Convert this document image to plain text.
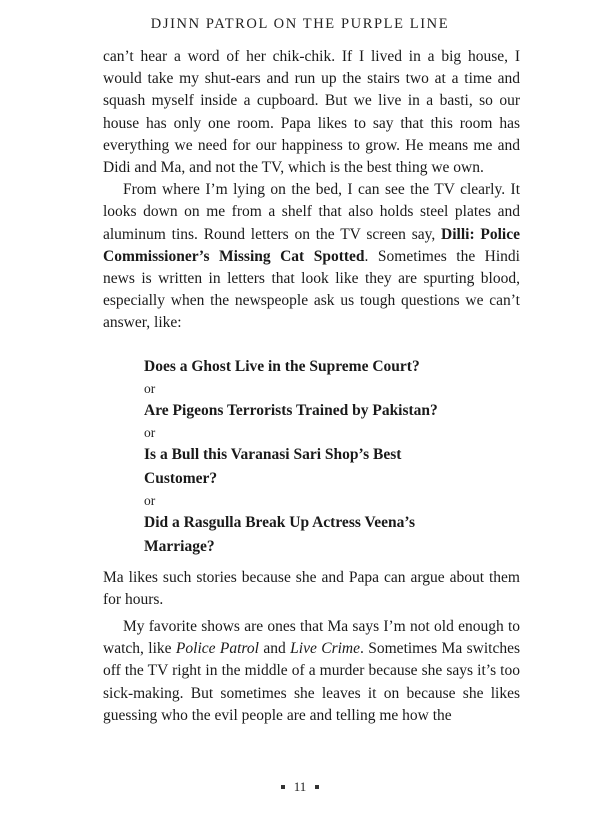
DJINN PATROL ON THE PURPLE LINE

can’t hear a word of her chik-chik. If I lived in a big house, I would take my shut-ears and run up the stairs two at a time and squash myself inside a cupboard. But we live in a basti, so our house has only one room. Papa likes to say that this room has everything we need for our happiness to grow. He means me and Didi and Ma, and not the TV, which is the best thing we own.

From where I’m lying on the bed, I can see the TV clearly. It looks down on me from a shelf that also holds steel plates and aluminum tins. Round letters on the TV screen say, Dilli: Police Commissioner’s Missing Cat Spotted. Sometimes the Hindi news is written in letters that look like they are spurting blood, especially when the newspeople ask us tough questions we can’t answer, like:

Does a Ghost Live in the Supreme Court?

or

Are Pigeons Terrorists Trained by Pakistan?

or

Is a Bull this Varanasi Sari Shop’s Best Customer?

or

Did a Rasgulla Break Up Actress Veena’s Marriage?

Ma likes such stories because she and Papa can argue about them for hours.

My favorite shows are ones that Ma says I’m not old enough to watch, like Police Patrol and Live Crime. Sometimes Ma switches off the TV right in the middle of a murder because she says it’s too sick-making. But sometimes she leaves it on because she likes guessing who the evil people are and telling me how the

11
